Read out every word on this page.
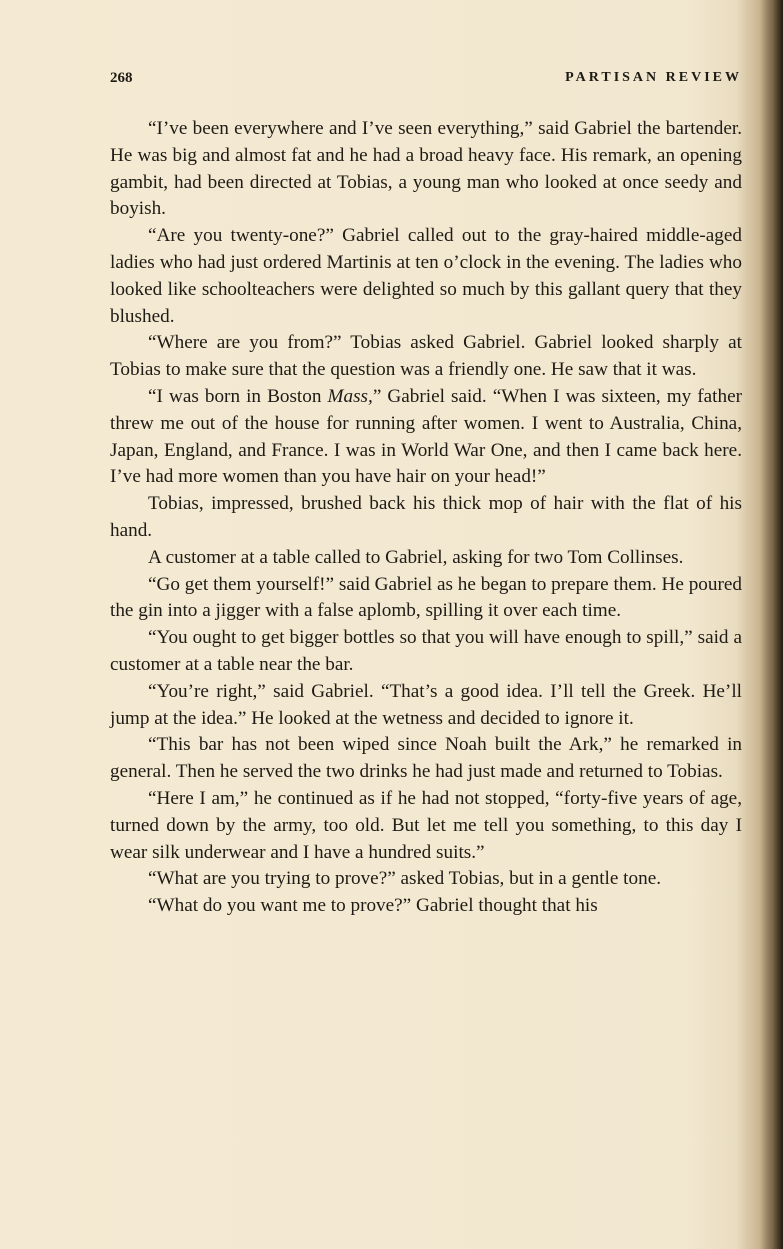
268	PARTISAN REVIEW

“I’ve been everywhere and I’ve seen everything,” said Gabriel the bartender. He was big and almost fat and he had a broad heavy face. His remark, an opening gambit, had been directed at Tobias, a young man who looked at once seedy and boyish.

“Are you twenty-one?” Gabriel called out to the gray-haired middle-aged ladies who had just ordered Martinis at ten o’clock in the evening. The ladies who looked like schoolteachers were delighted so much by this gallant query that they blushed.

“Where are you from?” Tobias asked Gabriel. Gabriel looked sharply at Tobias to make sure that the question was a friendly one. He saw that it was.

“I was born in Boston Mass,” Gabriel said. “When I was sixteen, my father threw me out of the house for running after women. I went to Australia, China, Japan, England, and France. I was in World War One, and then I came back here. I’ve had more women than you have hair on your head!”

Tobias, impressed, brushed back his thick mop of hair with the flat of his hand.

A customer at a table called to Gabriel, asking for two Tom Collinses.

“Go get them yourself!” said Gabriel as he began to prepare them. He poured the gin into a jigger with a false aplomb, spilling it over each time.

“You ought to get bigger bottles so that you will have enough to spill,” said a customer at a table near the bar.

“You’re right,” said Gabriel. “That’s a good idea. I’ll tell the Greek. He’ll jump at the idea.” He looked at the wetness and decided to ignore it.

“This bar has not been wiped since Noah built the Ark,” he remarked in general. Then he served the two drinks he had just made and returned to Tobias.

“Here I am,” he continued as if he had not stopped, “forty-five years of age, turned down by the army, too old. But let me tell you something, to this day I wear silk underwear and I have a hundred suits.”

“What are you trying to prove?” asked Tobias, but in a gentle tone.

“What do you want me to prove?” Gabriel thought that his
